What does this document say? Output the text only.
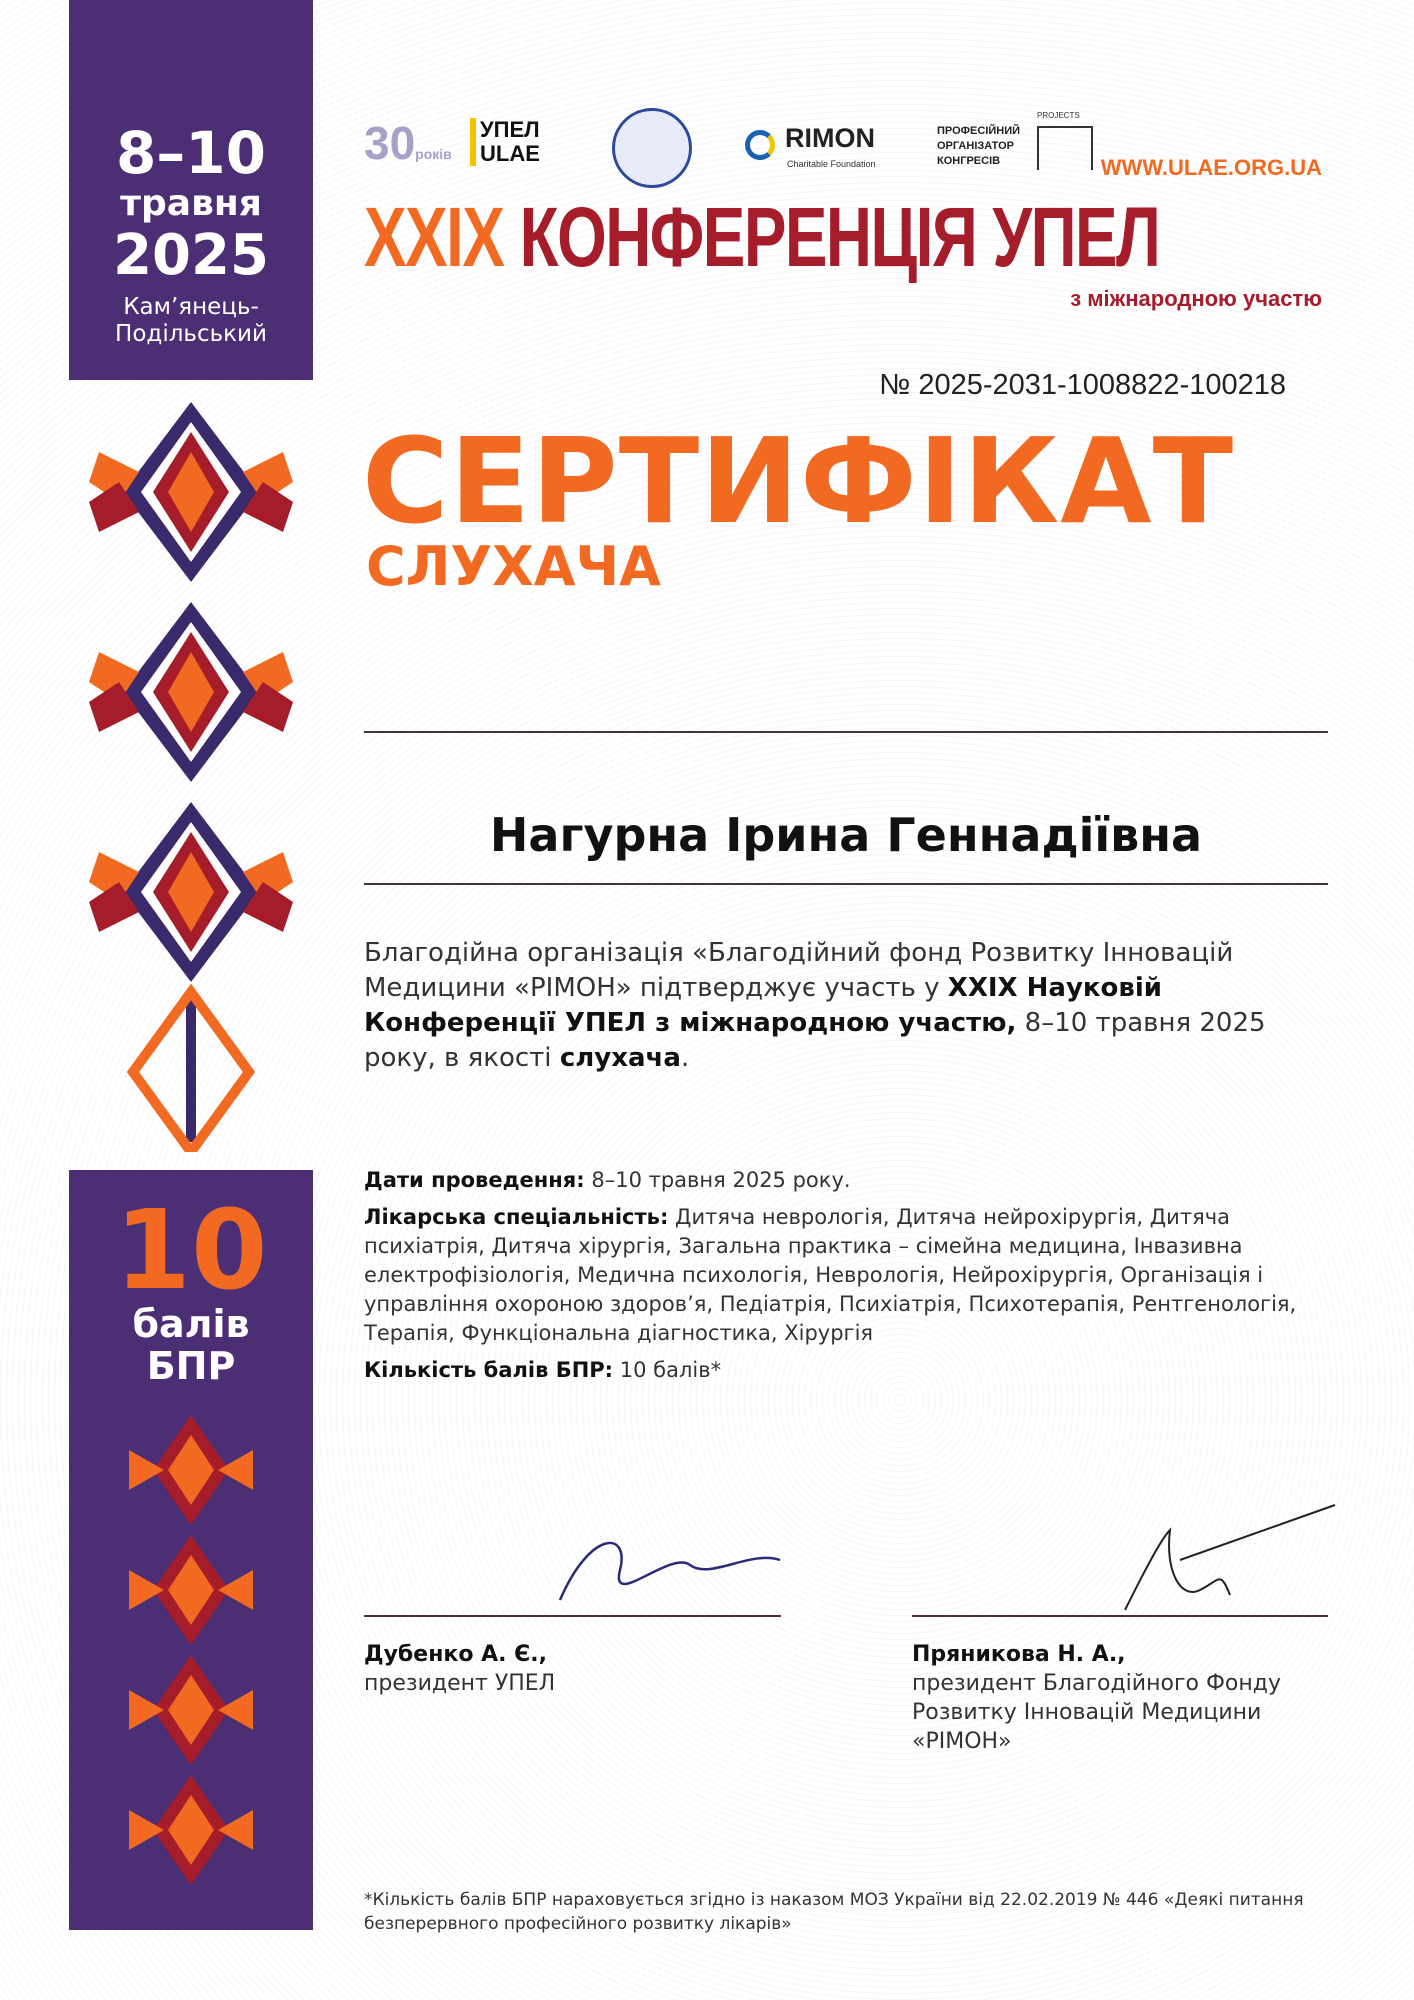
8–10
травня
2025
Кам’янець-
Подільський
10
балів
БПР
30років
УПЕЛ
ULAE
RIMON
Charitable Foundation
ПРОФЕСІЙНИЙ
ОРГАНІЗАТОР
КОНГРЕСІВ
PROJECTS
WWW.ULAE.ORG.UA
XXIX КОНФЕРЕНЦІЯ УПЕЛ
з міжнародною участю
№ 2025-2031-1008822-100218
СЕРТИФІКАТ
СЛУХАЧА
Нагурна Ірина Геннадіївна
Благодійна організація «Благодійний фонд Розвитку Інновацій Медицини «РІМОН» підтверджує участь у XXIX Науковій Конференції УПЕЛ з міжнародною участю, 8–10 травня 2025 року, в якості слухача.

Дати проведення: 8–10 травня 2025 року.

Лікарська спеціальність: Дитяча неврологія, Дитяча нейрохірургія, Дитяча психіатрія, Дитяча хірургія, Загальна практика – сімейна медицина, Інвазивна електрофізіологія, Медична психологія, Неврологія, Нейрохірургія, Організація і управління охороною здоров’я, Педіатрія, Психіатрія, Психотерапія, Рентгенологія, Терапія, Функціональна діагностика, Хірургія

Кількість балів БПР: 10 балів*

Дубенко А. Є.,
президент УПЕЛ
Пряникова Н. А.,
президент Благодійного Фонду Розвитку Інновацій Медицини «РІМОН»
*Кількість балів БПР нараховується згідно із наказом МОЗ України від 22.02.2019 № 446 «Деякі питання безперервного професійного розвитку лікарів»
